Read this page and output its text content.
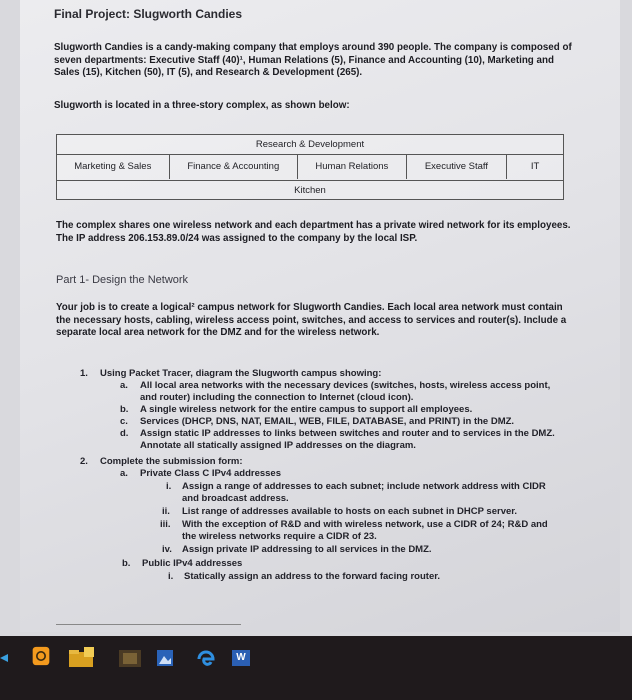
Final Project: Slugworth Candies
Slugworth Candies is a candy-making company that employs around 390 people. The company is composed of seven departments: Executive Staff (40)¹, Human Relations (5), Finance and Accounting (10), Marketing and Sales (15), Kitchen (50), IT (5), and Research & Development (265).
Slugworth is located in a three-story complex, as shown below:
Research & Development
Marketing & Sales	Finance & Accounting	Human Relations	Executive Staff	IT
Kitchen
The complex shares one wireless network and each department has a private wired network for its employees. The IP address 206.153.89.0/24 was assigned to the company by the local ISP.
Part 1- Design the Network
Your job is to create a logical² campus network for Slugworth Candies. Each local area network must contain the necessary hosts, cabling, wireless access point, switches, and access to services and router(s). Include a separate local area network for the DMZ and for the wireless network.
1. Using Packet Tracer, diagram the Slugworth campus showing:
a. All local area networks with the necessary devices (switches, hosts, wireless access point,
and router) including the connection to Internet (cloud icon).
b. A single wireless network for the entire campus to support all employees.
c. Services (DHCP, DNS, NAT, EMAIL, WEB, FILE, DATABASE, and PRINT) in the DMZ.
d. Assign static IP addresses to links between switches and router and to services in the DMZ.
Annotate all statically assigned IP addresses on the diagram.
2. Complete the submission form:
a. Private Class C IPv4 addresses
i. Assign a range of addresses to each subnet; include network address with CIDR
and broadcast address.
ii. List range of addresses available to hosts on each subnet in DHCP server.
iii. With the exception of R&D and with wireless network, use a CIDR of 24; R&D and
the wireless networks require a CIDR of 23.
iv. Assign private IP addressing to all services in the DMZ.
b. Public IPv4 addresses
i. Statically assign an address to the forward facing router.
W
